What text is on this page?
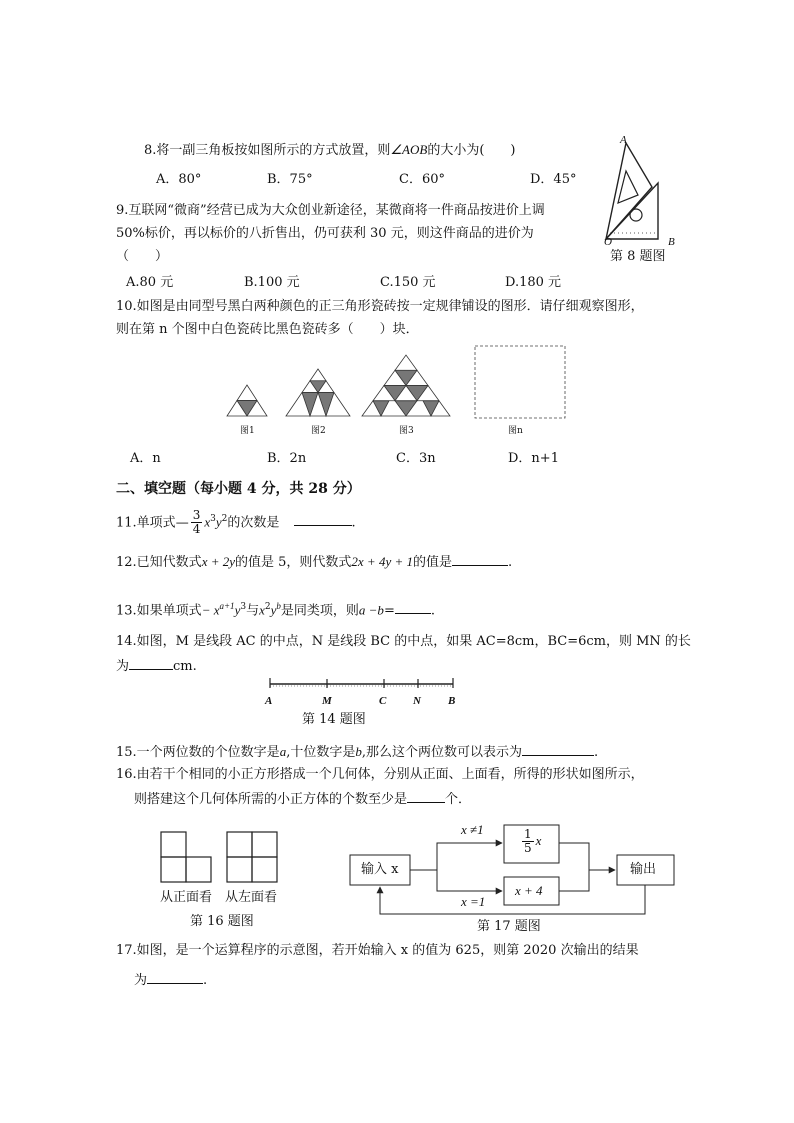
8.将一副三角板按如图所示的方式放置，则∠AOB的大小为(　　)
A．80°	B．75°	C．60°	D．45°
A
O	B
第 8 题图
9.互联网“微商”经营已成为大众创业新途径，某微商将一件商品按进价上调
50%标价，再以标价的八折售出，仍可获利 30 元，则这件商品的进价为
（　　）
A.80 元	B.100 元	C.150 元	D.180 元
10.如图是由同型号黑白两种颜色的正三角形瓷砖按一定规律铺设的图形．请仔细观察图形，
则在第 n 个图中白色瓷砖比黑色瓷砖多（　　）块．
图1	图2	图3	图n
A．n	B．2n	C．3n	D．n+1
二、填空题（每小题 4 分，共 28 分）
11.单项式— $\frac{3}{4} x^3y^2$的次数是	.
12.已知代数式x + 2y的值是 5，则代数式2x + 4y + 1的值是	.
13.如果单项式− $x^{a+1}y^3$与$x^2y^b$是同类项，则a −b=	.
14.如图，M 是线段 AC 的中点，N 是线段 BC 的中点，如果 AC=8cm，BC=6cm，则 MN 的长
为	cm.
A	M	C N B
第 14 题图
15.一个两位数的个位数字是a,十位数字是b,那么这个两位数可以表示为	.
16.由若干个相同的小正方形搭成一个几何体，分别从正面、上面看，所得的形状如图所示，
则搭建这个几何体所需的小正方体的个数至少是	个．
从正面看 从左面看
第 16 题图
输入 x
x ≠1
x =1
$\frac{1}{5}$ x
x + 4
输出
第 17 题图
17.如图，是一个运算程序的示意图，若开始输入 x 的值为 625，则第 2020 次输出的结果
为	.
